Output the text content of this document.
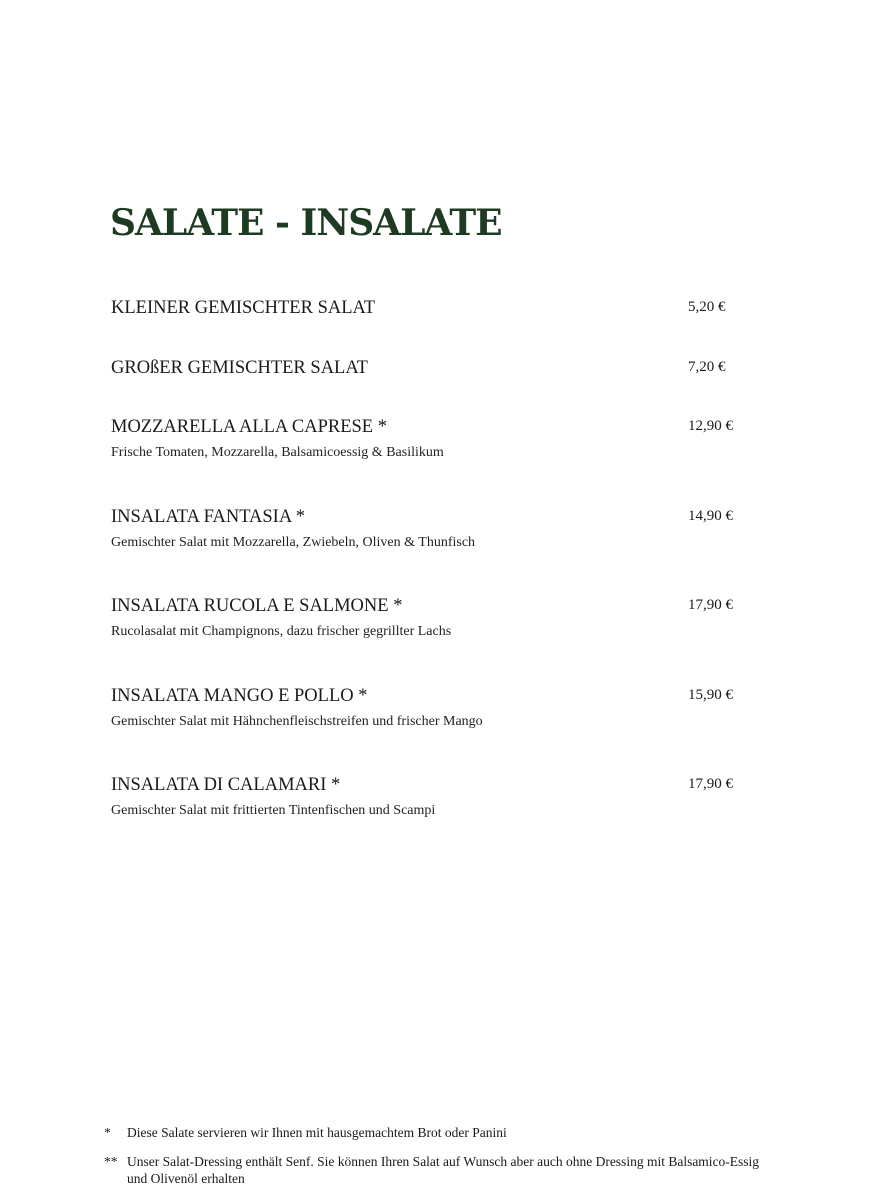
SALATE - INSALATE
KLEINER GEMISCHTER SALAT	5,20 €
GROßER GEMISCHTER SALAT	7,20 €
MOZZARELLA ALLA CAPRESE *	12,90 €
Frische Tomaten, Mozzarella, Balsamicoessig & Basilikum
INSALATA FANTASIA *	14,90 €
Gemischter Salat mit Mozzarella, Zwiebeln, Oliven & Thunfisch
INSALATA RUCOLA E SALMONE *	17,90 €
Rucolasalat mit Champignons, dazu frischer gegrillter Lachs
INSALATA MANGO E POLLO *	15,90 €
Gemischter Salat mit Hähnchenfleischstreifen und frischer Mango
INSALATA DI CALAMARI *	17,90 €
Gemischter Salat mit frittierten Tintenfischen und Scampi
*	Diese Salate servieren wir Ihnen mit hausgemachtem Brot oder Panini
** Unser Salat-Dressing enthält Senf. Sie können Ihren Salat auf Wunsch aber auch ohne Dressing mit Balsamico-Essig und Olivenöl erhalten
